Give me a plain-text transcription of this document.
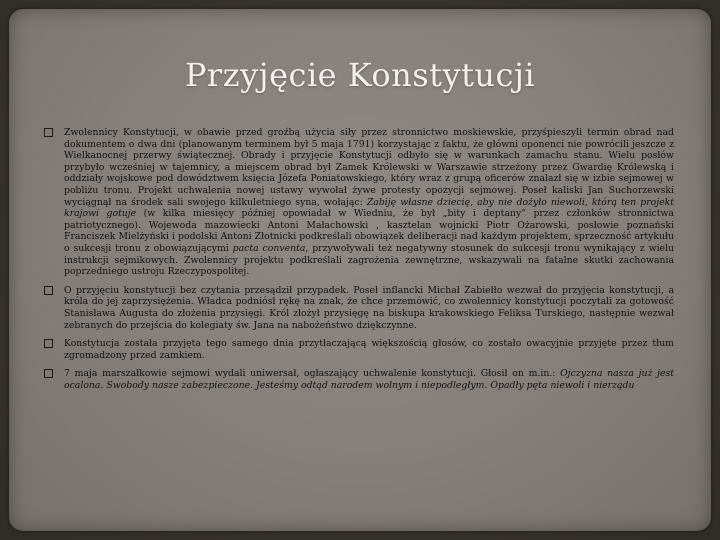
Przyjęcie Konstytucji
Zwolennicy Konstytucji, w obawie przed groźbą użycia siły przez stronnictwo moskiewskie, przyśpieszyli termin obrad nad dokumentem o dwa dni (planowanym terminem był 5 maja 1791) korzystając z faktu, że główni oponenci nie powrócili jeszcze z Wielkanocnej przerwy świątecznej. Obrady i przyjęcie Konstytucji odbyło się w warunkach zamachu stanu. Wielu posłów przybyło wcześniej w tajemnicy, a miejscem obrad był Zamek Królewski w Warszawie strzeżony przez Gwardię Królewską i oddziały wojskowe pod dowództwem księcia Józefa Poniatowskiego, który wraz z grupą oficerów znalazł się w izbie sejmowej w pobliżu tronu. Projekt uchwalenia nowej ustawy wywołał żywe protesty opozycji sejmowej. Poseł kaliski Jan Suchorzewski wyciągnął na środek sali swojego kilkuletniego syna, wołając: Zabiję własne dziecię, aby nie dożyło niewoli, którą ten projekt krajowi gotuje (w kilka miesięcy później opowiadał w Wiedniu, że był „bity i deptany” przez członków stronnictwa patriotycznego). Wojewoda mazowiecki Antoni Małachowski , kasztelan wojnicki Piotr Ożarowski, posłowie poznański Franciszek Mielżyński i podolski Antoni Złotnicki podkreślali obowiązek deliberacji nad każdym projektem, sprzeczność artykułu o sukcesji tronu z obowiązującymi pacta conventa, przywoływali też negatywny stosunek do sukcesji tronu wynikający z wielu instrukcji sejmikowych. Zwolennicy projektu podkreślali zagrożenia zewnętrzne, wskazywali na fatalne skutki zachowania poprzedniego ustroju Rzeczypospolitej.
O przyjęciu konstytucji bez czytania przesądził przypadek. Poseł inflancki Michał Zabiełło wezwał do przyjęcia konstytucji, a króla do jej zaprzysiężenia. Władca podniósł rękę na znak, że chce przemówić, co zwolennicy konstytucji poczytali za gotowość Stanisława Augusta do złożenia przysięgi. Król złożył przysięgę na biskupa krakowskiego Feliksa Turskiego, następnie wezwał zebranych do przejścia do kolegiaty św. Jana na nabożeństwo dziękczynne.
Konstytucja została przyjęta tego samego dnia przytłaczającą większością głosów, co zostało owacyjnie przyjęte przez tłum zgromadzony przed zamkiem.
7 maja marszałkowie sejmowi wydali uniwersał, ogłaszający uchwalenie konstytucji. Głosił on m.in.: Ojczyzna nasza już jest ocalona. Swobody nasze zabezpieczone. Jesteśmy odtąd narodem wolnym i niepodległym. Opadły pęta niewoli i nierządu
